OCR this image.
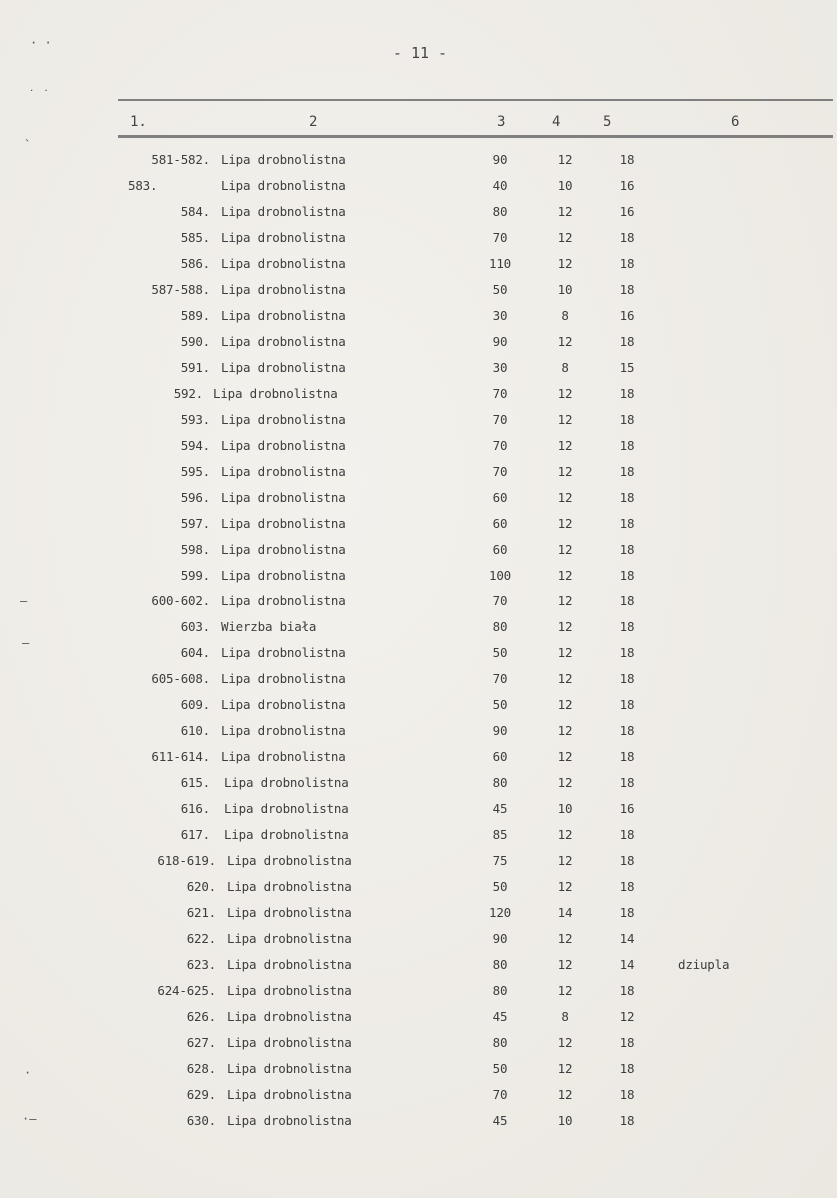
· ·
˙ ˙
`
–
–
·
·–
- 11 -
1.	2	3	4	5	6
581-582. Lipa drobnolistna	90	12	18
583.	Lipa drobnolistna	40	10	16
584. Lipa drobnolistna	80	12	16
585. Lipa drobnolistna	70	12	18
586. Lipa drobnolistna	110	12	18
587-588. Lipa drobnolistna	50	10	18
589. Lipa drobnolistna	30	8	16
590. Lipa drobnolistna	90	12	18
591. Lipa drobnolistna	30	8	15
592. Lipa drobnolistna	70	12	18
593. Lipa drobnolistna	70	12	18
594. Lipa drobnolistna	70	12	18
595. Lipa drobnolistna	70	12	18
596. Lipa drobnolistna	60	12	18
597. Lipa drobnolistna	60	12	18
598. Lipa drobnolistna	60	12	18
599. Lipa drobnolistna	100	12	18
600-602. Lipa drobnolistna	70	12	18
603. Wierzba biała	80	12	18
604. Lipa drobnolistna	50	12	18
605-608. Lipa drobnolistna	70	12	18
609. Lipa drobnolistna	50	12	18
610. Lipa drobnolistna	90	12	18
611-614. Lipa drobnolistna	60	12	18
615. Lipa drobnolistna	80	12	18
616. Lipa drobnolistna	45	10	16
617. Lipa drobnolistna	85	12	18
618-619. Lipa drobnolistna	75	12	18
620. Lipa drobnolistna	50	12	18
621. Lipa drobnolistna	120	14	18
622. Lipa drobnolistna	90	12	14
623. Lipa drobnolistna	80	12	14	dziupla
624-625. Lipa drobnolistna	80	12	18
626. Lipa drobnolistna	45	8	12
627. Lipa drobnolistna	80	12	18
628. Lipa drobnolistna	50	12	18
629. Lipa drobnolistna	70	12	18
630. Lipa drobnolistna	45	10	18
